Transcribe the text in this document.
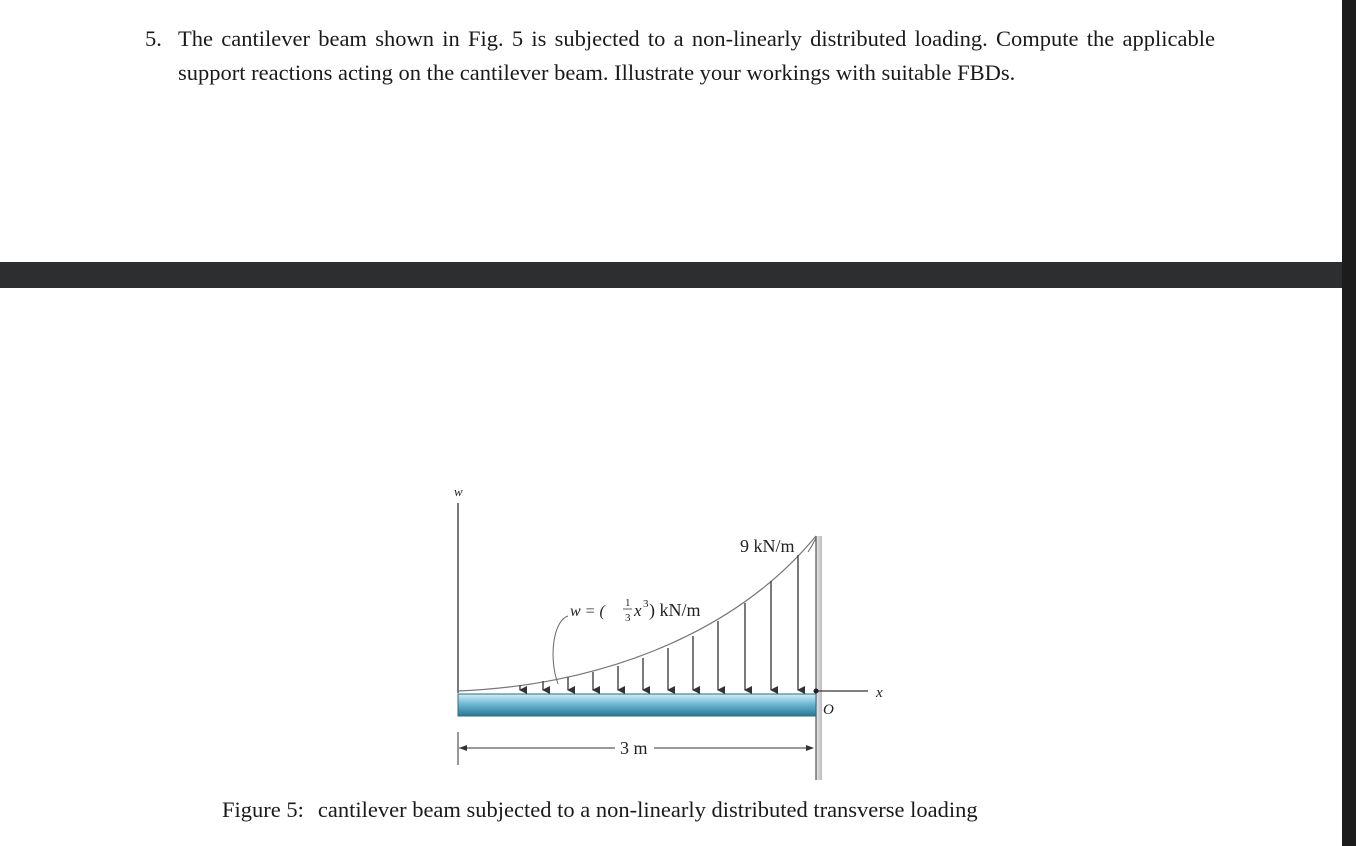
5. The cantilever beam shown in Fig. 5 is subjected to a non-linearly distributed loading. Compute the applicable support reactions acting on the cantilever beam. Illustrate your workings with suitable FBDs.
w
x
O
9 kN/m
w = ( 1
3 x 3 ) kN/m
3 m
Figure 5: cantilever beam subjected to a non-linearly distributed transverse loading
